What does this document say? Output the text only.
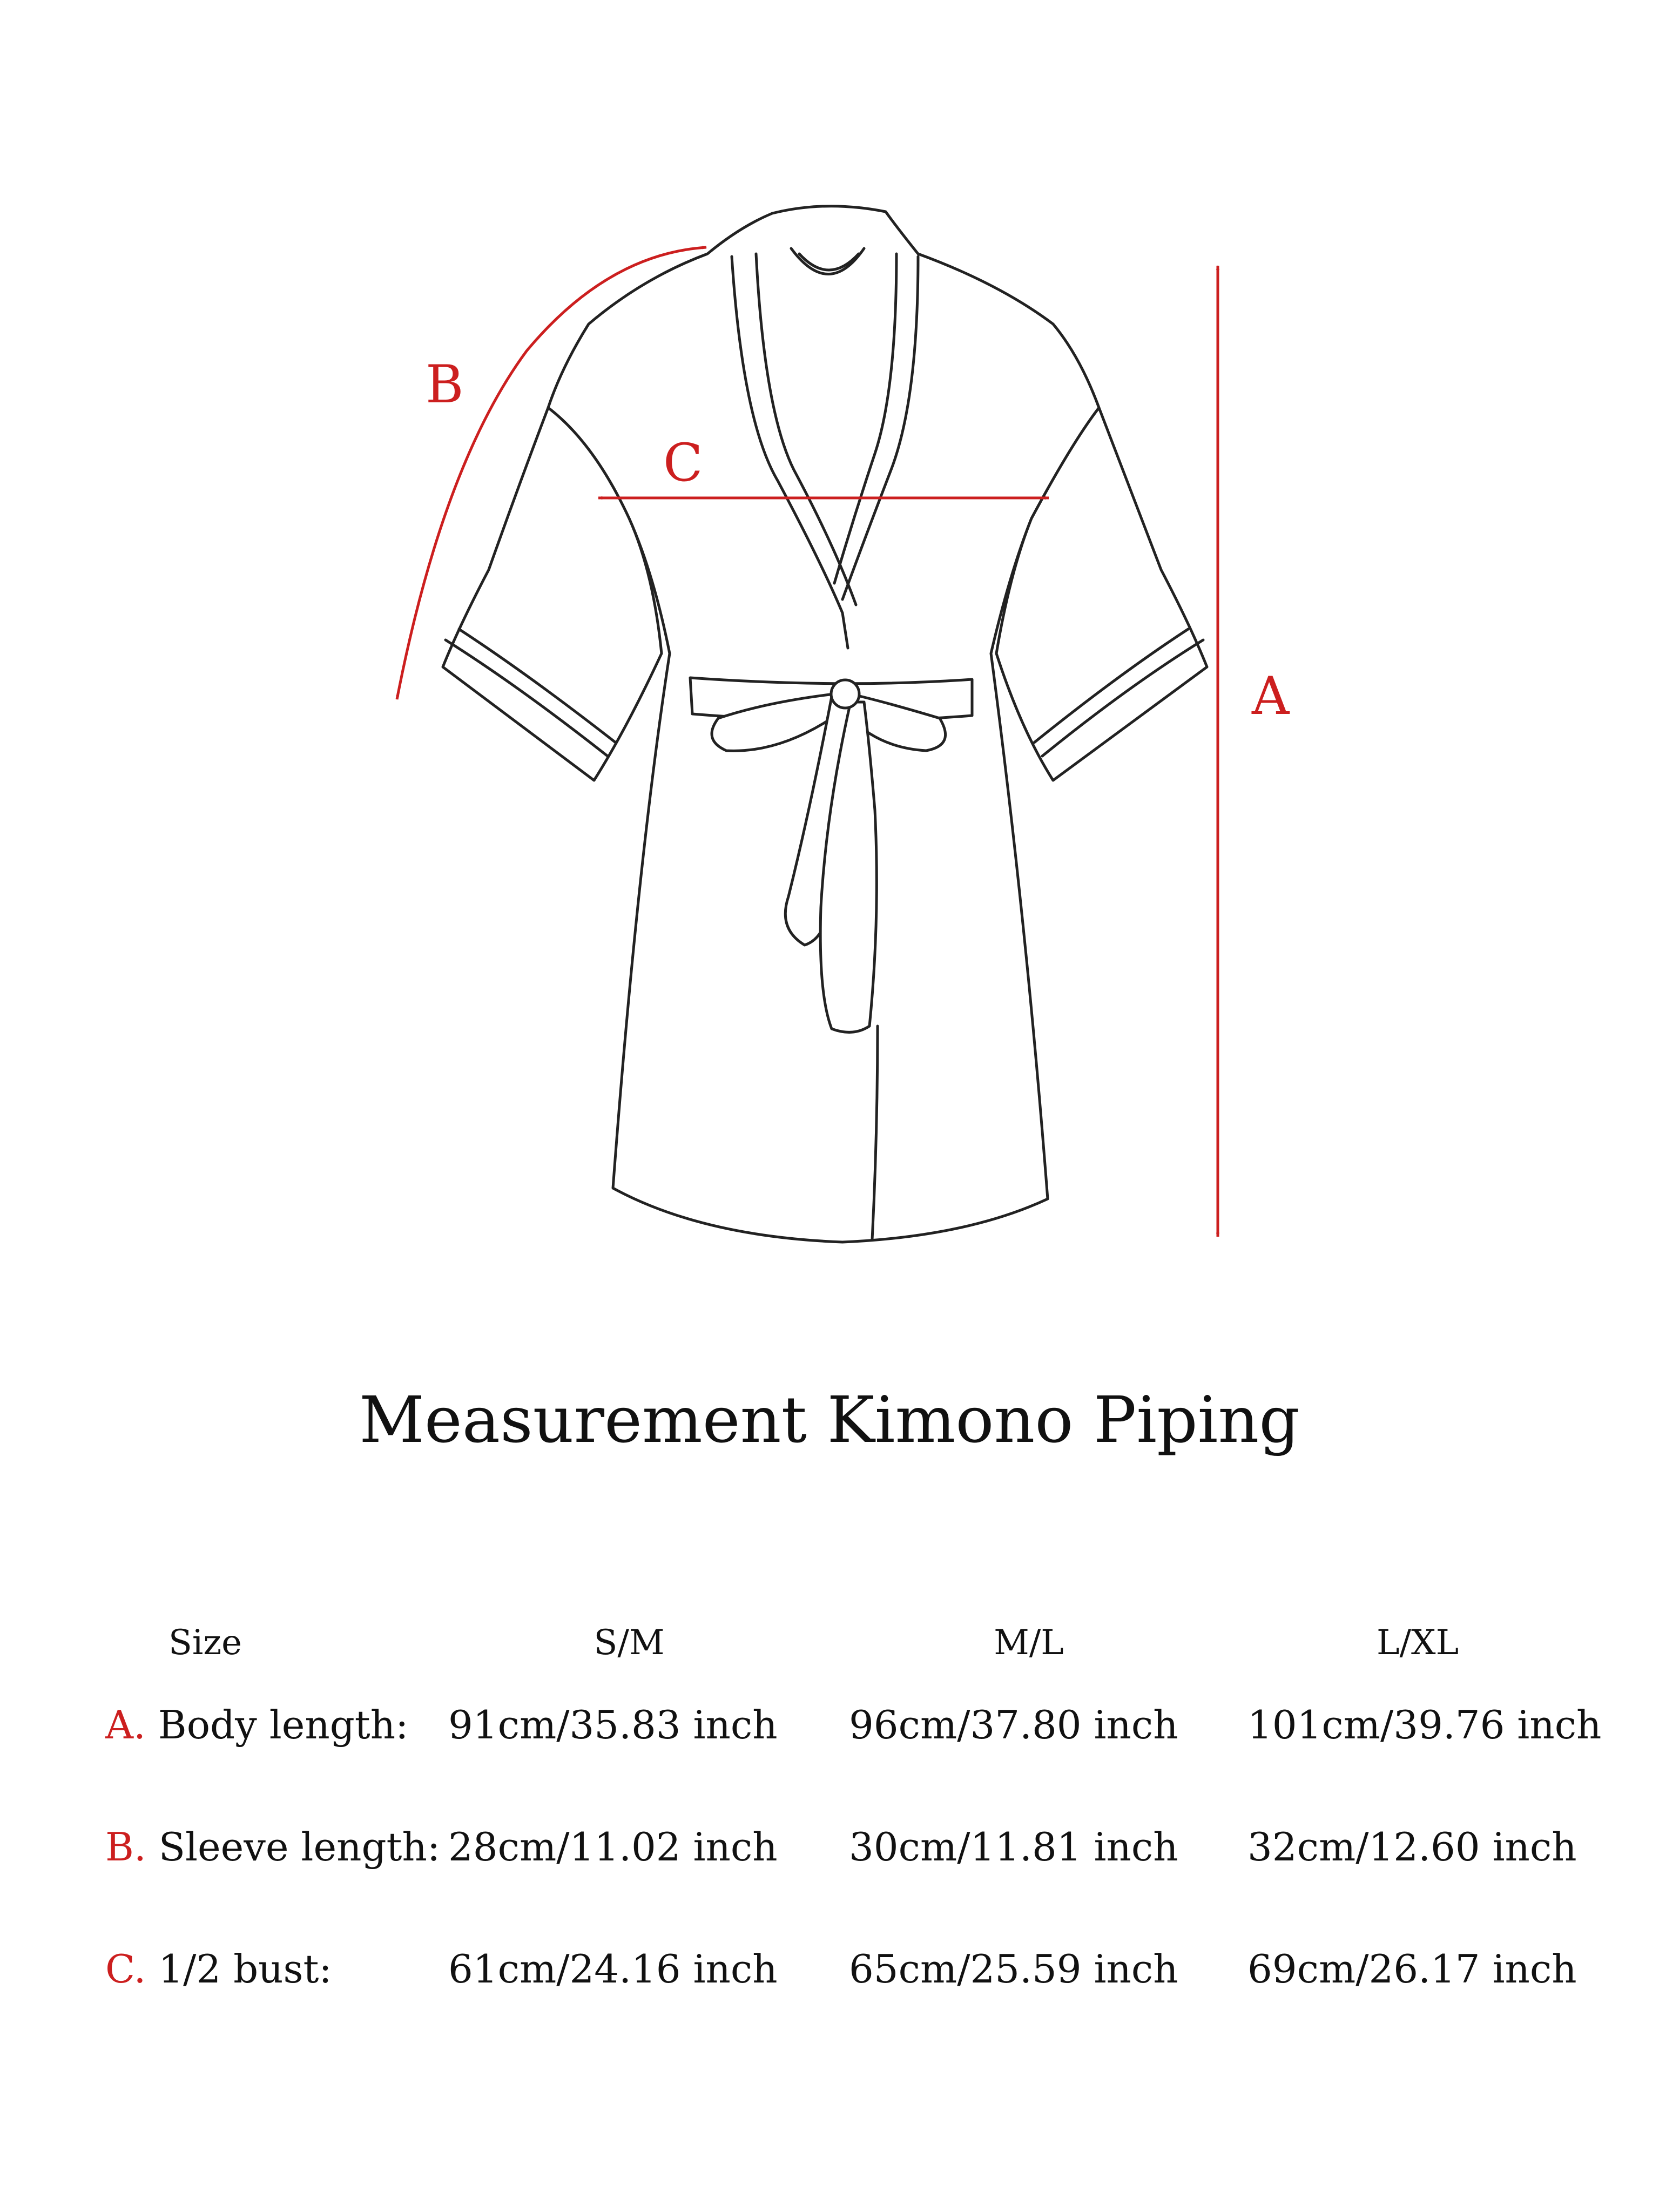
A
B
C
Measurement Kimono Piping
Size	S/M	M/L	L/XL
A. Body length: 91cm/35.83 inch 96cm/37.80 inch 101cm/39.76 inch
B. Sleeve length: 28cm/11.02 inch 30cm/11.81 inch 32cm/12.60 inch
C. 1/2 bust:	61cm/24.16 inch 65cm/25.59 inch 69cm/26.17 inch
